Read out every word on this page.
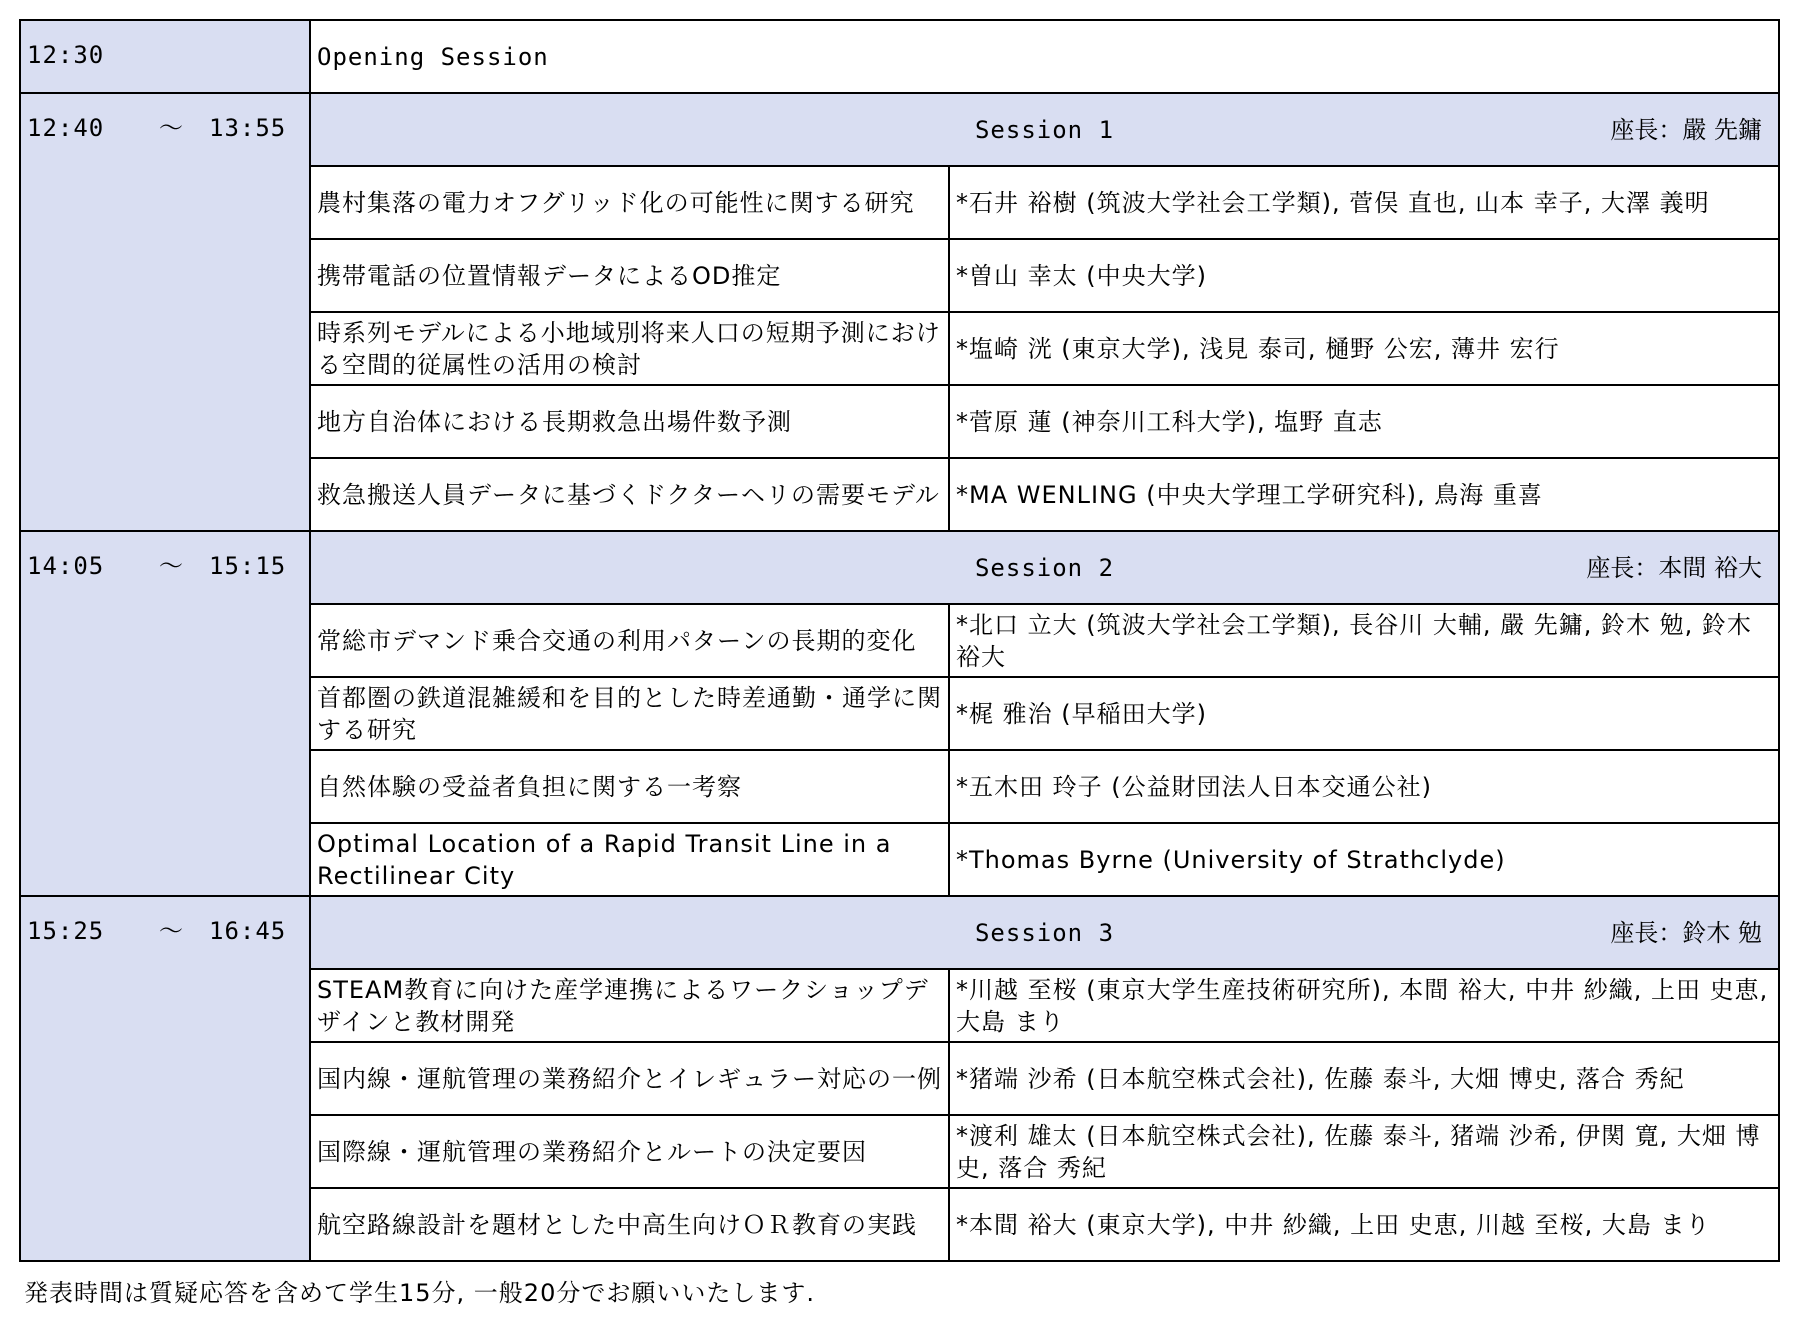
12:30	Opening Session	

12:40 〜 13:55	Session 1 座長：嚴 先鏞	

	農村集落の電力オフグリッド化の可能性に関する研究	*石井 裕樹 (筑波大学社会工学類), 菅俣 直也, 山本 幸子, 大澤 義明
	携帯電話の位置情報データによるOD推定	*曽山 幸太 (中央大学)
	時系列モデルによる小地域別将来人口の短期予測における空間的従属性の活用の検討	*塩崎 洸 (東京大学), 浅見 泰司, 樋野 公宏, 薄井 宏行
	地方自治体における長期救急出場件数予測	*菅原 蓮 (神奈川工科大学), 塩野 直志
	救急搬送人員データに基づくドクターヘリの需要モデル	*MA WENLING (中央大学理工学研究科), 鳥海 重喜

14:05 〜 15:15	Session 2 座長：本間 裕大	

	常総市デマンド乗合交通の利用パターンの長期的変化	*北口 立大 (筑波大学社会工学類), 長谷川 大輔, 嚴 先鏞, 鈴木 勉, 鈴木 裕大
	首都圏の鉄道混雑緩和を目的とした時差通勤・通学に関する研究	*梶 雅治 (早稲田大学)
	自然体験の受益者負担に関する一考察	*五木田 玲子 (公益財団法人日本交通公社)
	Optimal Location of a Rapid Transit Line in a Rectilinear City	*Thomas Byrne (University of Strathclyde)

15:25 〜 16:45	Session 3 座長：鈴木 勉	

	STEAM教育に向けた産学連携によるワークショップデザインと教材開発	*川越 至桜 (東京大学生産技術研究所), 本間 裕大, 中井 紗織, 上田 史恵, 大島 まり
	国内線・運航管理の業務紹介とイレギュラー対応の一例	*猪端 沙希 (日本航空株式会社), 佐藤 泰斗, 大畑 博史, 落合 秀紀
	国際線・運航管理の業務紹介とルートの決定要因	*渡利 雄太 (日本航空株式会社), 佐藤 泰斗, 猪端 沙希, 伊関 寛, 大畑 博史, 落合 秀紀
	航空路線設計を題材とした中高生向けＯＲ教育の実践	*本間 裕大 (東京大学), 中井 紗織, 上田 史恵, 川越 至桜, 大島 まり
発表時間は質疑応答を含めて学生15分, 一般20分でお願いいたします.
